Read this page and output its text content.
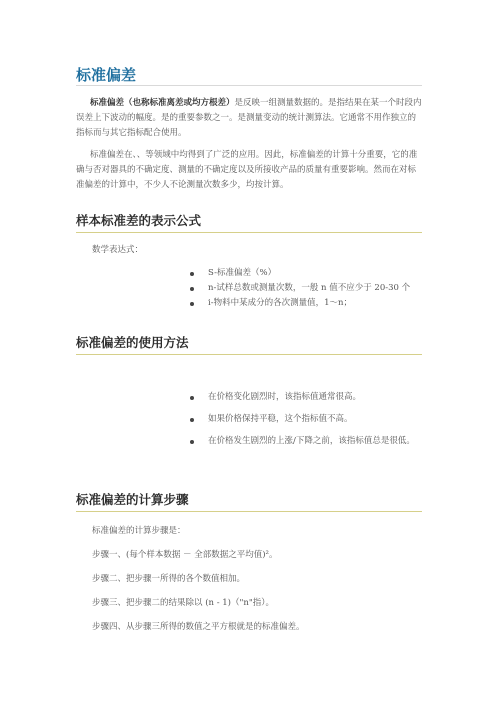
标准偏差
标准偏差（也称标准离差或均方根差）是反映一组测量数据的。是指结果在某一个时段内误差上下波动的幅度。是的重要参数之一。是测量变动的统计测算法。它通常不用作独立的指标而与其它指标配合使用。
标准偏差在、、等领域中均得到了广泛的应用。因此，标准偏差的计算十分重要，它的准确与否对器具的不确定度、测量的不确定度以及所接收产品的质量有重要影响。然而在对标准偏差的计算中，不少人不论测量次数多少，均按计算。
样本标准差的表示公式
数学表达式：
S-标准偏差（%）
n-试样总数或测量次数，一般 n 值不应少于 20-30 个
i-物料中某成分的各次测量值，1～n；
标准偏差的使用方法
在价格变化剧烈时，该指标值通常很高。
如果价格保持平稳，这个指标值不高。
在价格发生剧烈的上涨/下降之前，该指标值总是很低。
标准偏差的计算步骤
标准偏差的计算步骤是：
步骤一、(每个样本数据 － 全部数据之平均值)²。
步骤二、把步骤一所得的各个数值相加。
步骤三、把步骤二的结果除以 (n - 1)（"n"指）。
步骤四、从步骤三所得的数值之平方根就是的标准偏差。
